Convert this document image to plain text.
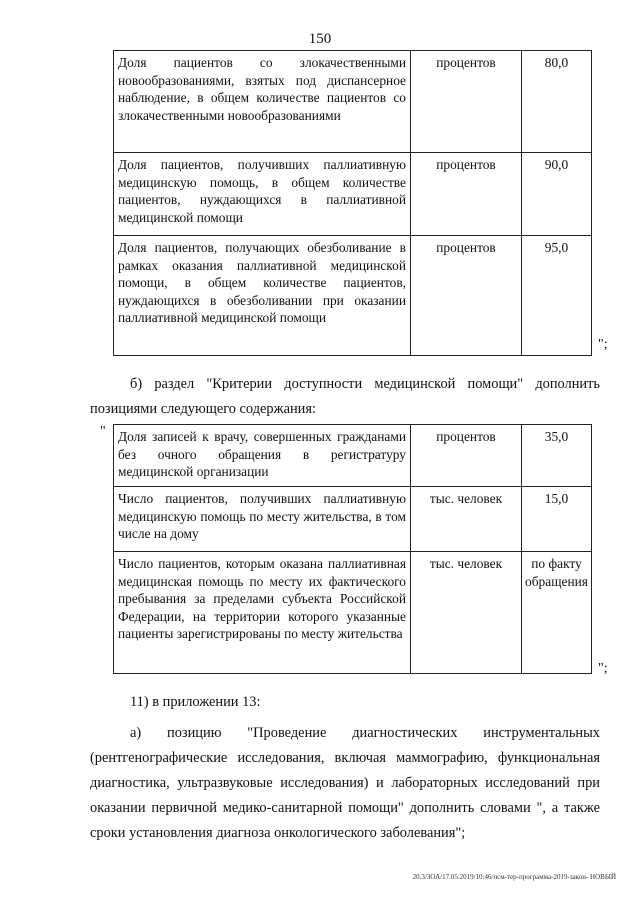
150
Доля пациентов со злокачественными новообразованиями, взятых под диспансерное наблюдение, в общем количестве пациентов со злокачественными новообразованиями	процентов	80,0
Доля пациентов, получивших паллиативную медицинскую помощь, в общем количестве пациентов, нуждающихся в паллиативной медицинской помощи	процентов	90,0
Доля пациентов, получающих обезболивание в рамках оказания паллиативной медицинской помощи, в общем количестве пациентов, нуждающихся в обезболивании при оказании паллиативной медицинской помощи	процентов	95,0
";
б) раздел "Критерии доступности медицинской помощи" дополнить позициями следующего содержания:
" Доля записей к врачу, совершенных гражданами без очного обращения в регистратуру медицинской организации	процентов	35,0
Число пациентов, получивших паллиативную медицинскую помощь по месту жительства, в том числе на дому	тыс. человек	15,0
Число пациентов, которым оказана паллиативная медицинская помощь по месту их фактического пребывания за пределами субъекта Российской Федерации, на территории которого указанные пациенты зарегистрированы по месту жительства	тыс. человек	по факту обращения
";
11) в приложении 13:
а) позицию "Проведение диагностических инструментальных (рентгенографические исследования, включая маммографию, функциональная диагностика, ультразвуковые исследования) и лабораторных исследований при оказании первичной медико-санитарной помощи" дополнить словами ", а также сроки установления диагноза онкологического заболевания";
20.3/ЗОА/17.05.2019/10:46/псм-тер-программа-2019-закон- НОВЫЙ
